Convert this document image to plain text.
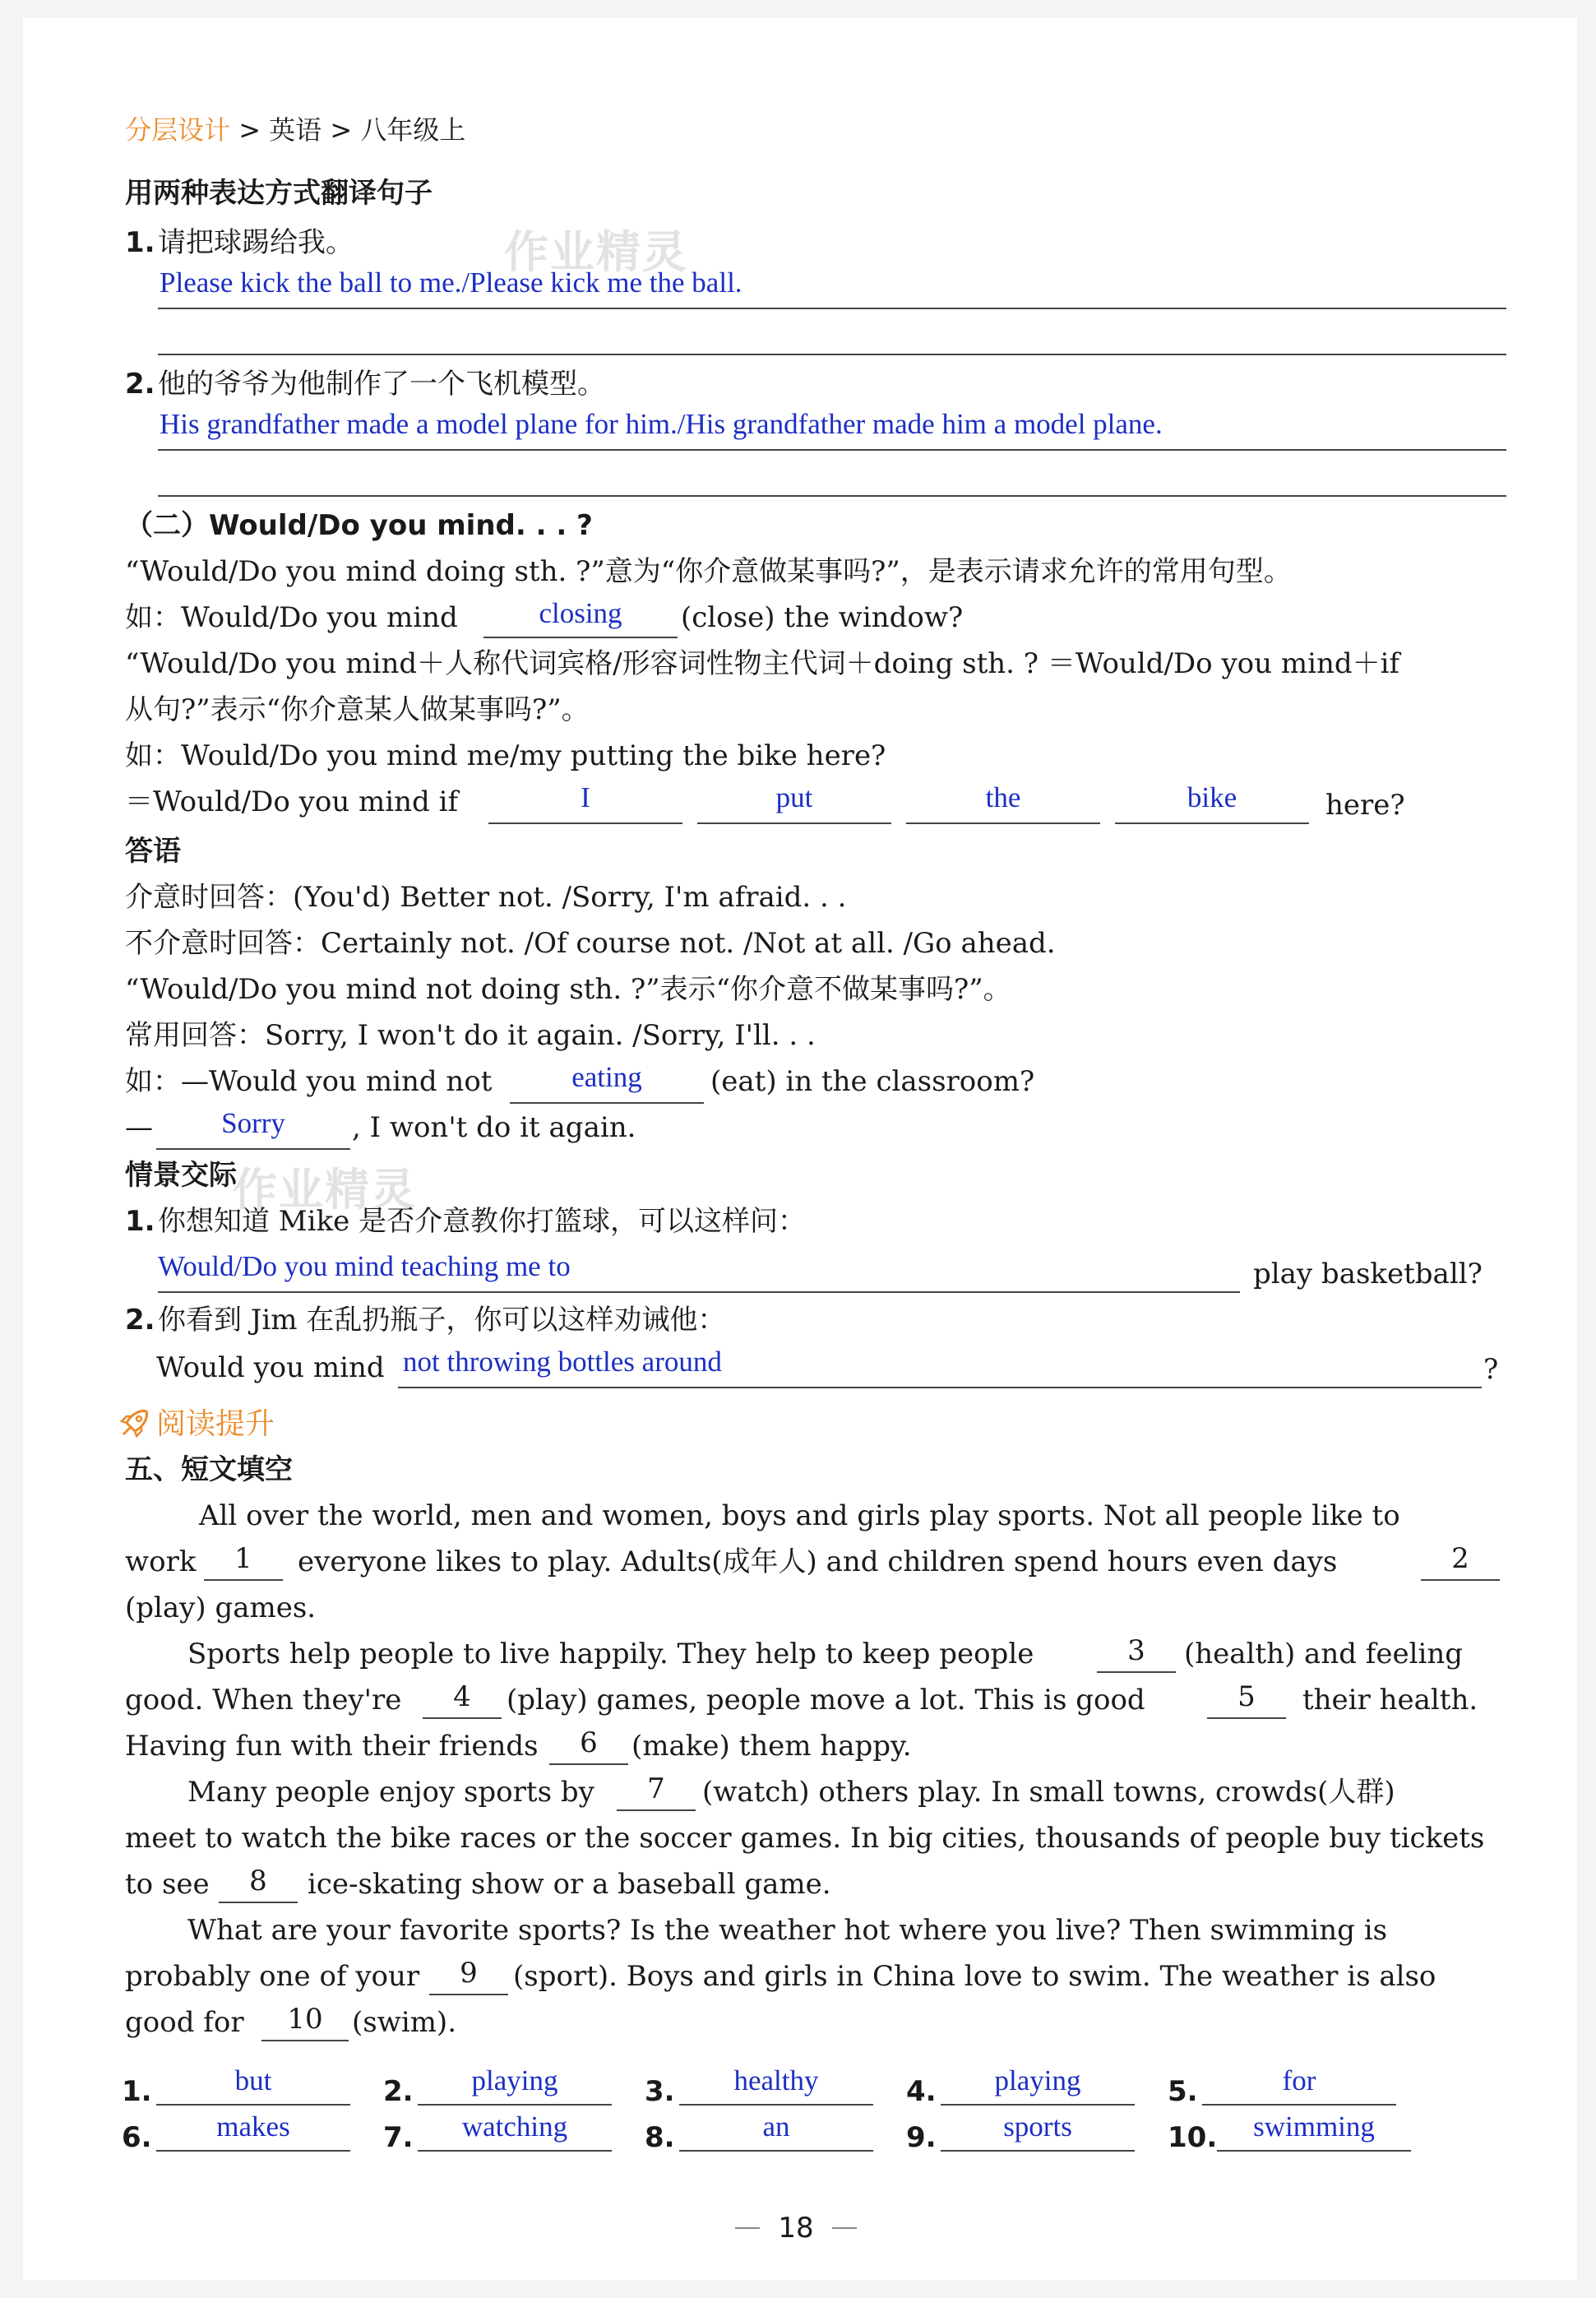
分层设计 > 英语 > 八年级上
作业精灵
作业精灵
用两种表达方式翻译句子
1. 请把球踢给我。
Please kick the ball to me./Please kick me the ball.
2. 他的爷爷为他制作了一个飞机模型。
His grandfather made a model plane for him./His grandfather made him a model plane.
（二）Would/Do you mind. . . ?
“Would/Do you mind doing sth. ?”意为“你介意做某事吗?”，是表示请求允许的常用句型。
如：Would/Do you mind	closing	(close) the window?
“Would/Do you mind＋人称代词宾格/形容词性物主代词＋doing sth. ? ＝Would/Do you mind＋if
从句?”表示“你介意某人做某事吗?”。
如：Would/Do you mind me/my putting the bike here?
＝Would/Do you mind if	I	put	the	bike	here?
答语
介意时回答：(You'd) Better not. /Sorry, I'm afraid. . .
不介意时回答：Certainly not. /Of course not. /Not at all. /Go ahead.
“Would/Do you mind not doing sth. ?”表示“你介意不做某事吗?”。
常用回答：Sorry, I won't do it again. /Sorry, I'll. . .
如：—Would you mind not	eating	(eat) in the classroom?
—	Sorry	, I won't do it again.
情景交际
1. 你想知道 Mike 是否介意教你打篮球，可以这样问：
Would/Do you mind teaching me to	play basketball?
2. 你看到 Jim 在乱扔瓶子，你可以这样劝诫他：
Would you mind not throwing bottles around	?
阅读提升
五、短文填空
All over the world, men and women, boys and girls play sports. Not all people like to
work	1	everyone likes to play. Adults(成年人) and children spend hours even days	2
(play) games.
Sports help people to live happily. They help to keep people	3	(health) and feeling
good. When they're	4	(play) games, people move a lot. This is good	5	their health.
Having fun with their friends	6	(make) them happy.
Many people enjoy sports by	7	(watch) others play. In small towns, crowds(人群)
meet to watch the bike races or the soccer games. In big cities, thousands of people buy tickets
to see	8	ice-skating show or a baseball game.
What are your favorite sports? Is the weather hot where you live? Then swimming is
probably one of your	9	(sport). Boys and girls in China love to swim. The weather is also
good for	10	(swim).
1.	but	2.	playing	3.	healthy	4.	playing	5.	for
6.	makes	7.	watching	8.	an	9.	sports	10.	swimming
18
